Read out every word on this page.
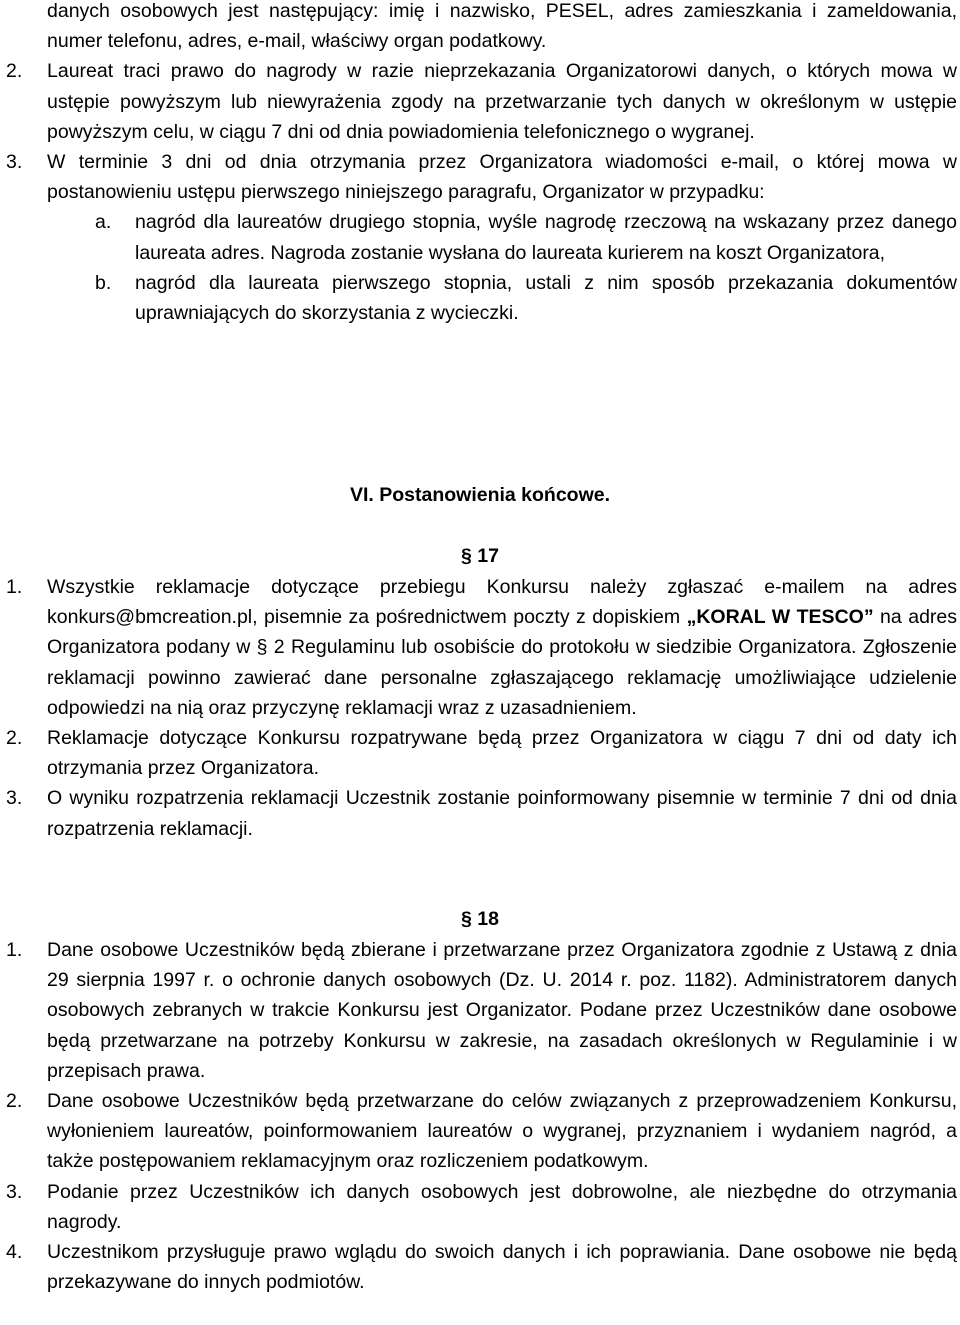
danych osobowych jest następujący: imię i nazwisko, PESEL, adres zamieszkania i zameldowania, numer telefonu, adres, e-mail, właściwy organ podatkowy.
2. Laureat traci prawo do nagrody w razie nieprzekazania Organizatorowi danych, o których mowa w ustępie powyższym lub niewyrażenia zgody na przetwarzanie tych danych w określonym w ustępie powyższym celu, w ciągu 7 dni od dnia powiadomienia telefonicznego o wygranej.
3. W terminie 3 dni od dnia otrzymania przez Organizatora wiadomości e-mail, o której mowa w postanowieniu ustępu pierwszego niniejszego paragrafu, Organizator w przypadku:
a. nagród dla laureatów drugiego stopnia, wyśle nagrodę rzeczową na wskazany przez danego laureata adres. Nagroda zostanie wysłana do laureata kurierem na koszt Organizatora,
b. nagród dla laureata pierwszego stopnia, ustali z nim sposób przekazania dokumentów uprawniających do skorzystania z wycieczki.
VI. Postanowienia końcowe.
§ 17
1. Wszystkie reklamacje dotyczące przebiegu Konkursu należy zgłaszać e-mailem na adres konkurs@bmcreation.pl, pisemnie za pośrednictwem poczty z dopiskiem „KORAL W TESCO” na adres Organizatora podany w § 2 Regulaminu lub osobiście do protokołu w siedzibie Organizatora. Zgłoszenie reklamacji powinno zawierać dane personalne zgłaszającego reklamację umożliwiające udzielenie odpowiedzi na nią oraz przyczynę reklamacji wraz z uzasadnieniem.
2. Reklamacje dotyczące Konkursu rozpatrywane będą przez Organizatora w ciągu 7 dni od daty ich otrzymania przez Organizatora.
3. O wyniku rozpatrzenia reklamacji Uczestnik zostanie poinformowany pisemnie w terminie 7 dni od dnia rozpatrzenia reklamacji.
§ 18
1. Dane osobowe Uczestników będą zbierane i przetwarzane przez Organizatora zgodnie z Ustawą z dnia 29 sierpnia 1997 r. o ochronie danych osobowych (Dz. U. 2014 r. poz. 1182). Administratorem danych osobowych zebranych w trakcie Konkursu jest Organizator. Podane przez Uczestników dane osobowe będą przetwarzane na potrzeby Konkursu w zakresie, na zasadach określonych w Regulaminie i w przepisach prawa.
2. Dane osobowe Uczestników będą przetwarzane do celów związanych z przeprowadzeniem Konkursu, wyłonieniem laureatów, poinformowaniem laureatów o wygranej, przyznaniem i wydaniem nagród, a także postępowaniem reklamacyjnym oraz rozliczeniem podatkowym.
3. Podanie przez Uczestników ich danych osobowych jest dobrowolne, ale niezbędne do otrzymania nagrody.
4. Uczestnikom przysługuje prawo wglądu do swoich danych i ich poprawiania. Dane osobowe nie będą przekazywane do innych podmiotów.
